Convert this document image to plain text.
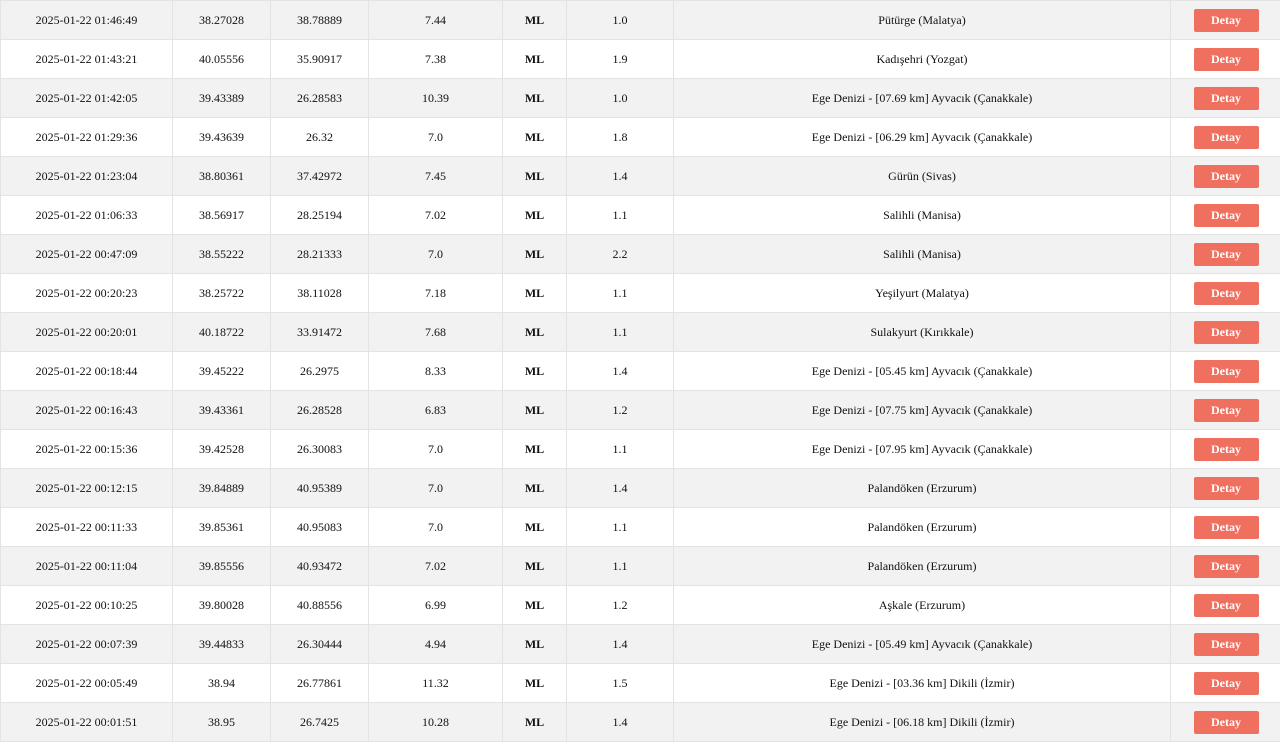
2025-01-22 01:46:49	38.27028	38.78889	7.44	ML	1.0	Pütürge (Malatya)	Detay
2025-01-22 01:43:21	40.05556	35.90917	7.38	ML	1.9	Kadışehri (Yozgat)	Detay
2025-01-22 01:42:05	39.43389	26.28583	10.39	ML	1.0	Ege Denizi - [07.69 km] Ayvacık (Çanakkale)	Detay
2025-01-22 01:29:36	39.43639	26.32	7.0	ML	1.8	Ege Denizi - [06.29 km] Ayvacık (Çanakkale)	Detay
2025-01-22 01:23:04	38.80361	37.42972	7.45	ML	1.4	Gürün (Sivas)	Detay
2025-01-22 01:06:33	38.56917	28.25194	7.02	ML	1.1	Salihli (Manisa)	Detay
2025-01-22 00:47:09	38.55222	28.21333	7.0	ML	2.2	Salihli (Manisa)	Detay
2025-01-22 00:20:23	38.25722	38.11028	7.18	ML	1.1	Yeşilyurt (Malatya)	Detay
2025-01-22 00:20:01	40.18722	33.91472	7.68	ML	1.1	Sulakyurt (Kırıkkale)	Detay
2025-01-22 00:18:44	39.45222	26.2975	8.33	ML	1.4	Ege Denizi - [05.45 km] Ayvacık (Çanakkale)	Detay
2025-01-22 00:16:43	39.43361	26.28528	6.83	ML	1.2	Ege Denizi - [07.75 km] Ayvacık (Çanakkale)	Detay
2025-01-22 00:15:36	39.42528	26.30083	7.0	ML	1.1	Ege Denizi - [07.95 km] Ayvacık (Çanakkale)	Detay
2025-01-22 00:12:15	39.84889	40.95389	7.0	ML	1.4	Palandöken (Erzurum)	Detay
2025-01-22 00:11:33	39.85361	40.95083	7.0	ML	1.1	Palandöken (Erzurum)	Detay
2025-01-22 00:11:04	39.85556	40.93472	7.02	ML	1.1	Palandöken (Erzurum)	Detay
2025-01-22 00:10:25	39.80028	40.88556	6.99	ML	1.2	Aşkale (Erzurum)	Detay
2025-01-22 00:07:39	39.44833	26.30444	4.94	ML	1.4	Ege Denizi - [05.49 km] Ayvacık (Çanakkale)	Detay
2025-01-22 00:05:49	38.94	26.77861	11.32	ML	1.5	Ege Denizi - [03.36 km] Dikili (İzmir)	Detay
2025-01-22 00:01:51	38.95	26.7425	10.28	ML	1.4	Ege Denizi - [06.18 km] Dikili (İzmir)	Detay
